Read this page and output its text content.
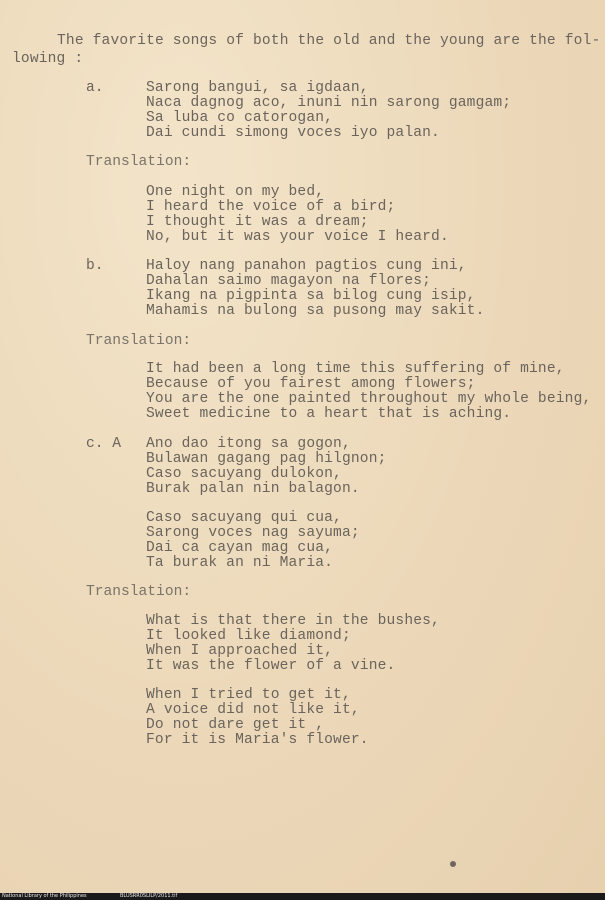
The favorite songs of both the old and the young are the fol-
lowing :
a.	Sarong bangui, sa igdaan,
Naca dagnog aco, inuni nin sarong gamgam;
Sa luba co catorogan,
Dai cundi simong voces iyo palan.
Translation:
One night on my bed,
I heard the voice of a bird;
I thought it was a dream;
No, but it was your voice I heard.
b.	Haloy nang panahon pagtios cung ini,
Dahalan saimo magayon na flores;
Ikang na pigpinta sa bilog cung isip,
Mahamis na bulong sa pusong may sakit.
Translation:
It had been a long time this suffering of mine,
Because of you fairest among flowers;
You are the one painted throughout my whole being,
Sweet medicine to a heart that is aching.
c. A Ano dao itong sa gogon,
Bulawan gagang pag hilgnon;
Caso sacuyang dulokon,
Burak palan nin balagon.
Caso sacuyang qui cua,
Sarong voces nag sayuma;
Dai ca cayan mag cua,
Ta burak an ni Maria.
Translation:
What is that there in the bushes,
It looked like diamond;
When I approached it,
It was the flower of a vine.
When I tried to get it,
A voice did not like it,
Do not dare get it ,
For it is Maria's flower.
National Library of the Philippines	BLUSRR0SLILP/2011.tif
